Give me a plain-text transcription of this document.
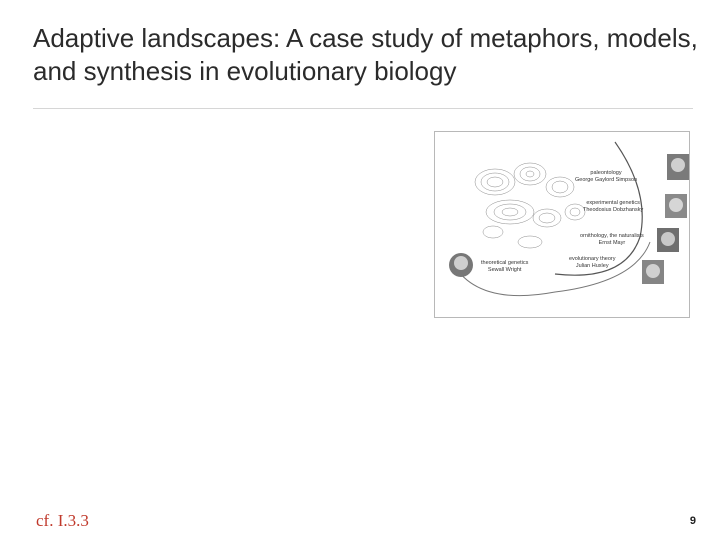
Adaptive landscapes: A case study of metaphors, models, and synthesis in evolutionary biology
paleontology
George Gaylord Simpson
experimental genetics
Theodosius Dobzhansky
ornithology, the naturalists
Ernst Mayr
evolutionary theory
Julian Huxley
theoretical genetics
Sewall Wright
cf. I.3.3	9
